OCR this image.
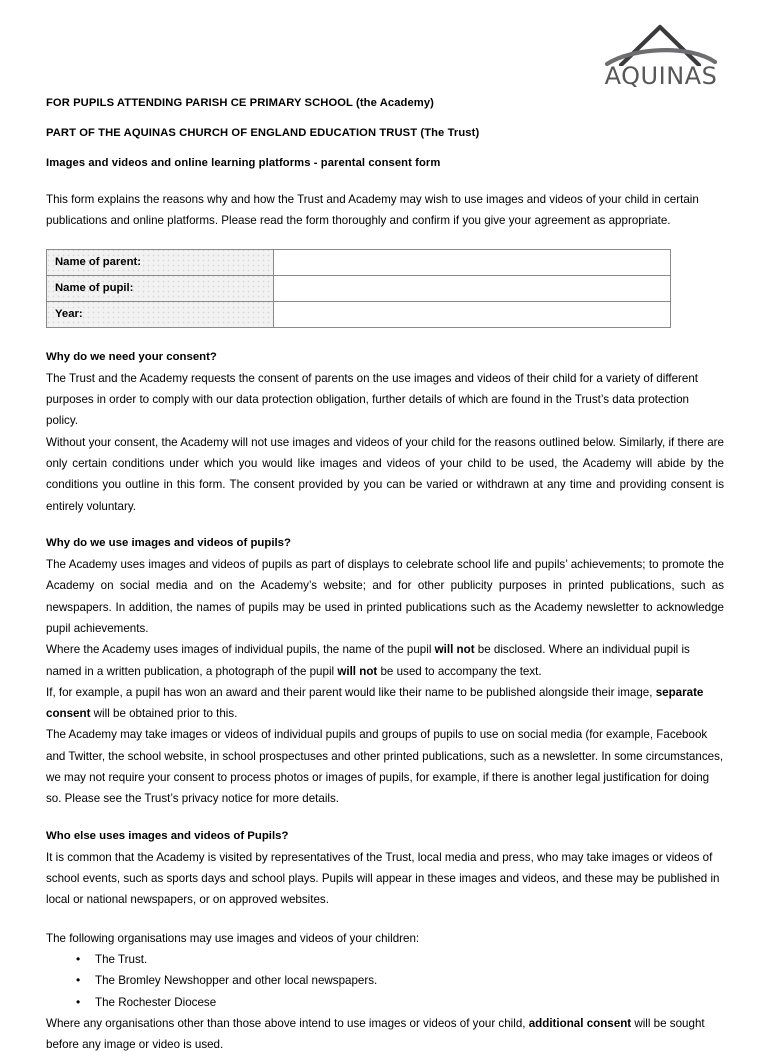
AQUINAS
FOR PUPILS ATTENDING PARISH CE PRIMARY SCHOOL (the Academy)
PART OF THE AQUINAS CHURCH OF ENGLAND EDUCATION TRUST (The Trust)
Images and videos and online learning platforms - parental consent form

This form explains the reasons why and how the Trust and Academy may wish to use images and videos of your child in certain publications and online platforms. Please read the form thoroughly and confirm if you give your agreement as appropriate.

Name of parent:	
Name of pupil:	
Year:	
Why do we need your consent?

The Trust and the Academy requests the consent of parents on the use images and videos of their child for a variety of different purposes in order to comply with our data protection obligation, further details of which are found in the Trust’s data protection policy.

Without your consent, the Academy will not use images and videos of your child for the reasons outlined below. Similarly, if there are only certain conditions under which you would like images and videos of your child to be used, the Academy will abide by the conditions you outline in this form. The consent provided by you can be varied or withdrawn at any time and providing consent is entirely voluntary.

Why do we use images and videos of pupils?

The Academy uses images and videos of pupils as part of displays to celebrate school life and pupils’ achievements; to promote the Academy on social media and on the Academy’s website; and for other publicity purposes in printed publications, such as newspapers. In addition, the names of pupils may be used in printed publications such as the Academy newsletter to acknowledge pupil achievements.

Where the Academy uses images of individual pupils, the name of the pupil will not be disclosed. Where an individual pupil is named in a written publication, a photograph of the pupil will not be used to accompany the text.

If, for example, a pupil has won an award and their parent would like their name to be published alongside their image, separate consent will be obtained prior to this.

The Academy may take images or videos of individual pupils and groups of pupils to use on social media (for example, Facebook and Twitter, the school website, in school prospectuses and other printed publications, such as a newsletter. In some circumstances, we may not require your consent to process photos or images of pupils, for example, if there is another legal justification for doing so. Please see the Trust’s privacy notice for more details.

Who else uses images and videos of Pupils?

It is common that the Academy is visited by representatives of the Trust, local media and press, who may take images or videos of school events, such as sports days and school plays. Pupils will appear in these images and videos, and these may be published in local or national newspapers, or on approved websites.

The following organisations may use images and videos of your children:

• The Trust.
• The Bromley Newshopper and other local newspapers.
• The Rochester Diocese

Where any organisations other than those above intend to use images or videos of your child, additional consent will be sought before any image or video is used.
